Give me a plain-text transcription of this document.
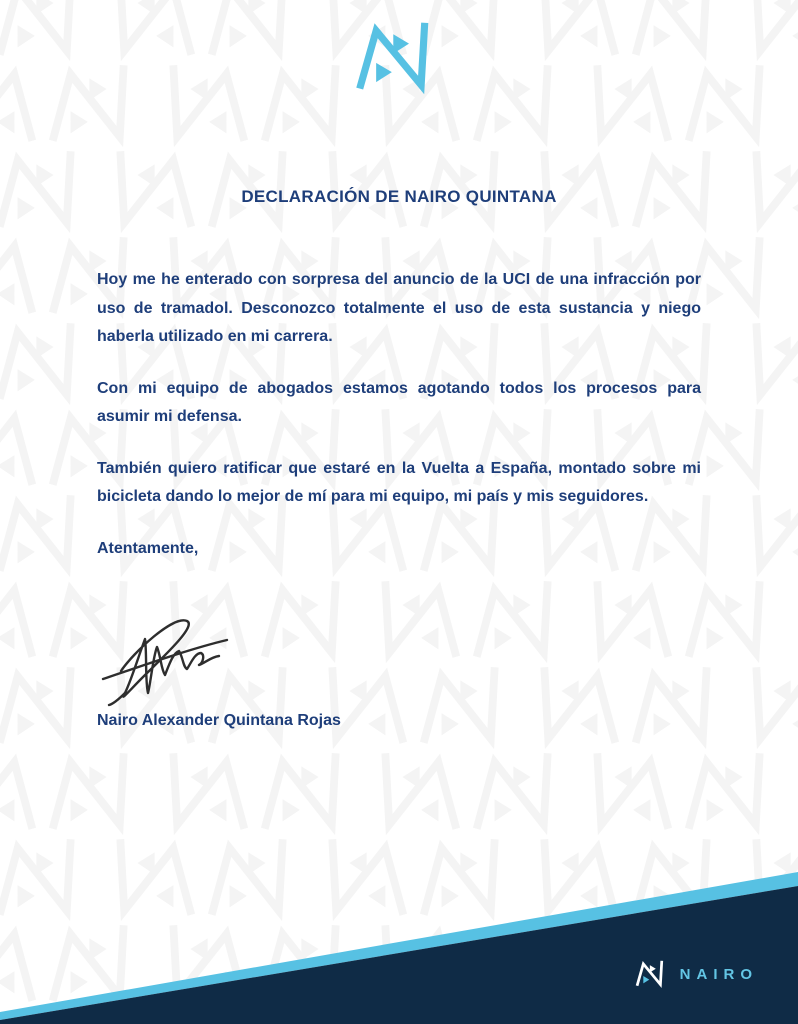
DECLARACIÓN DE NAIRO QUINTANA

Hoy me he enterado con sorpresa del anuncio de la UCI de una infracción por uso de tramadol. Desconozco totalmente el uso de esta sustancia y niego haberla utilizado en mi carrera.

Con mi equipo de abogados estamos agotando todos los procesos para asumir mi defensa.

También quiero ratificar que estaré en la Vuelta a España, montado sobre mi bicicleta dando lo mejor de mí para mi equipo, mi país y mis seguidores.

Atentamente,

Nairo Alexander Quintana Rojas

NAIRO
